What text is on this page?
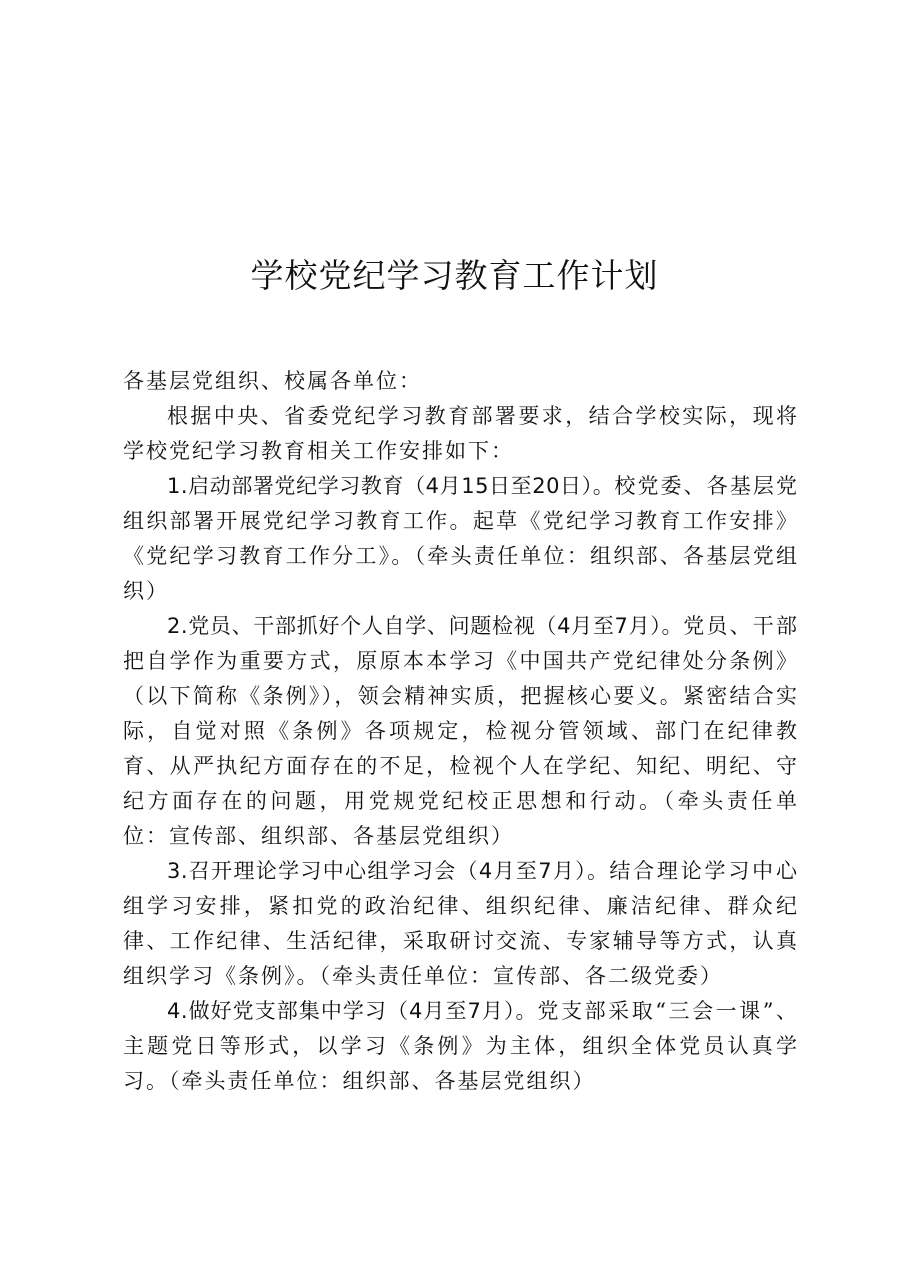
学校党纪学习教育工作计划

各基层党组织、校属各单位：

根据中央、省委党纪学习教育部署要求，结合学校实际，现将学校党纪学习教育相关工作安排如下：

1.启动部署党纪学习教育（4月15日至20日）。校党委、各基层党组织部署开展党纪学习教育工作。起草《党纪学习教育工作安排》《党纪学习教育工作分工》。（牵头责任单位：组织部、各基层党组织）

2.党员、干部抓好个人自学、问题检视（4月至7月）。党员、干部把自学作为重要方式，原原本本学习《中国共产党纪律处分条例》（以下简称《条例》），领会精神实质，把握核心要义。紧密结合实际，自觉对照《条例》各项规定，检视分管领域、部门在纪律教育、从严执纪方面存在的不足，检视个人在学纪、知纪、明纪、守纪方面存在的问题，用党规党纪校正思想和行动。（牵头责任单位：宣传部、组织部、各基层党组织）

3.召开理论学习中心组学习会（4月至7月）。结合理论学习中心组学习安排，紧扣党的政治纪律、组织纪律、廉洁纪律、群众纪律、工作纪律、生活纪律，采取研讨交流、专家辅导等方式，认真组织学习《条例》。（牵头责任单位：宣传部、各二级党委）

4.做好党支部集中学习（4月至7月）。党支部采取“三会一课”、主题党日等形式，以学习《条例》为主体，组织全体党员认真学习。（牵头责任单位：组织部、各基层党组织）
